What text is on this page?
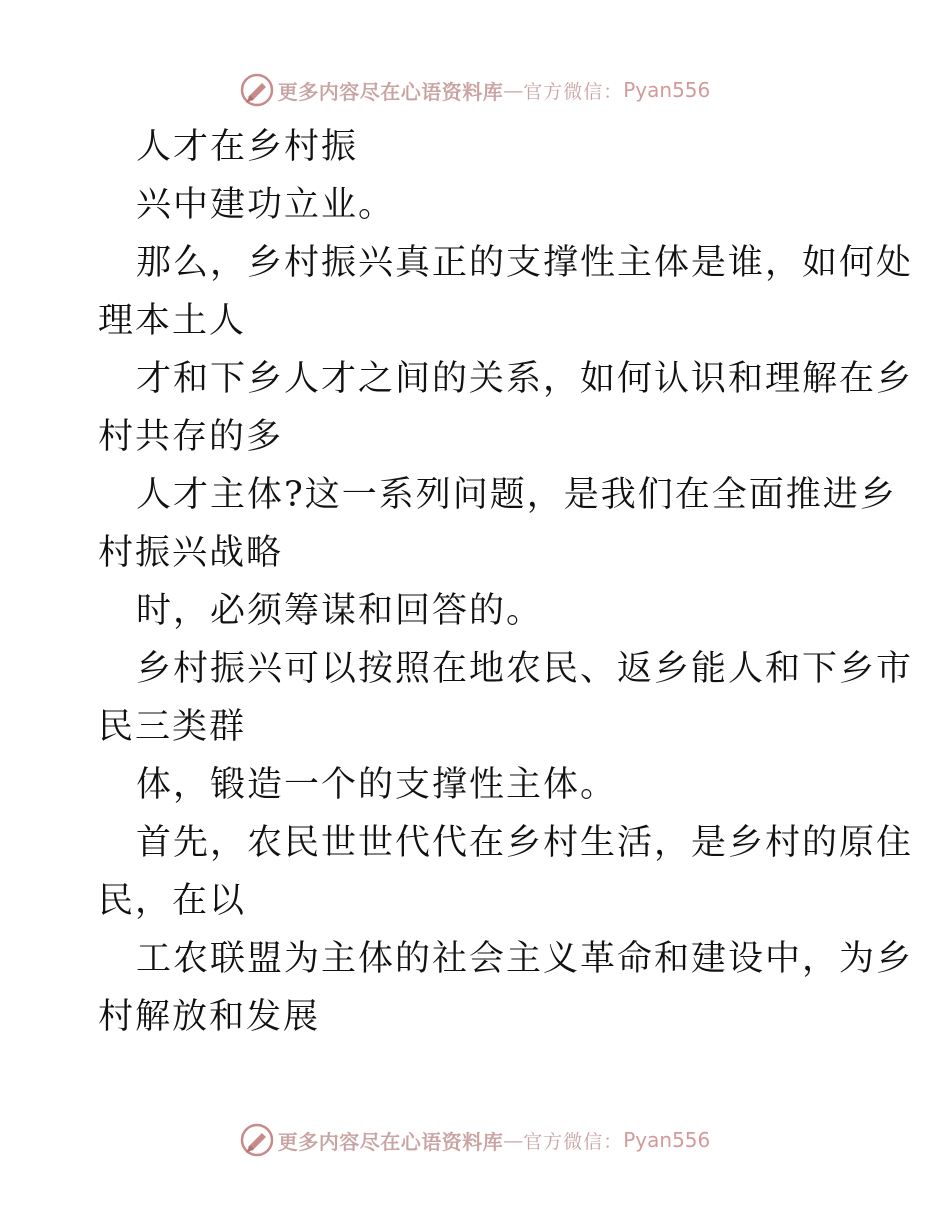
更多内容尽在心语资料库 — 官方微信： Pyan556
人才在乡村振
兴中建功立业。
那么，乡村振兴真正的支撑性主体是谁，如何处
理本土人
才和下乡人才之间的关系，如何认识和理解在乡
村共存的多
人才主体?这一系列问题，是我们在全面推进乡
村振兴战略
时，必须筹谋和回答的。
乡村振兴可以按照在地农民、返乡能人和下乡市
民三类群
体，锻造一个的支撑性主体。
首先，农民世世代代在乡村生活，是乡村的原住
民，在以
工农联盟为主体的社会主义革命和建设中，为乡
村解放和发展
更多内容尽在心语资料库 — 官方微信： Pyan556
